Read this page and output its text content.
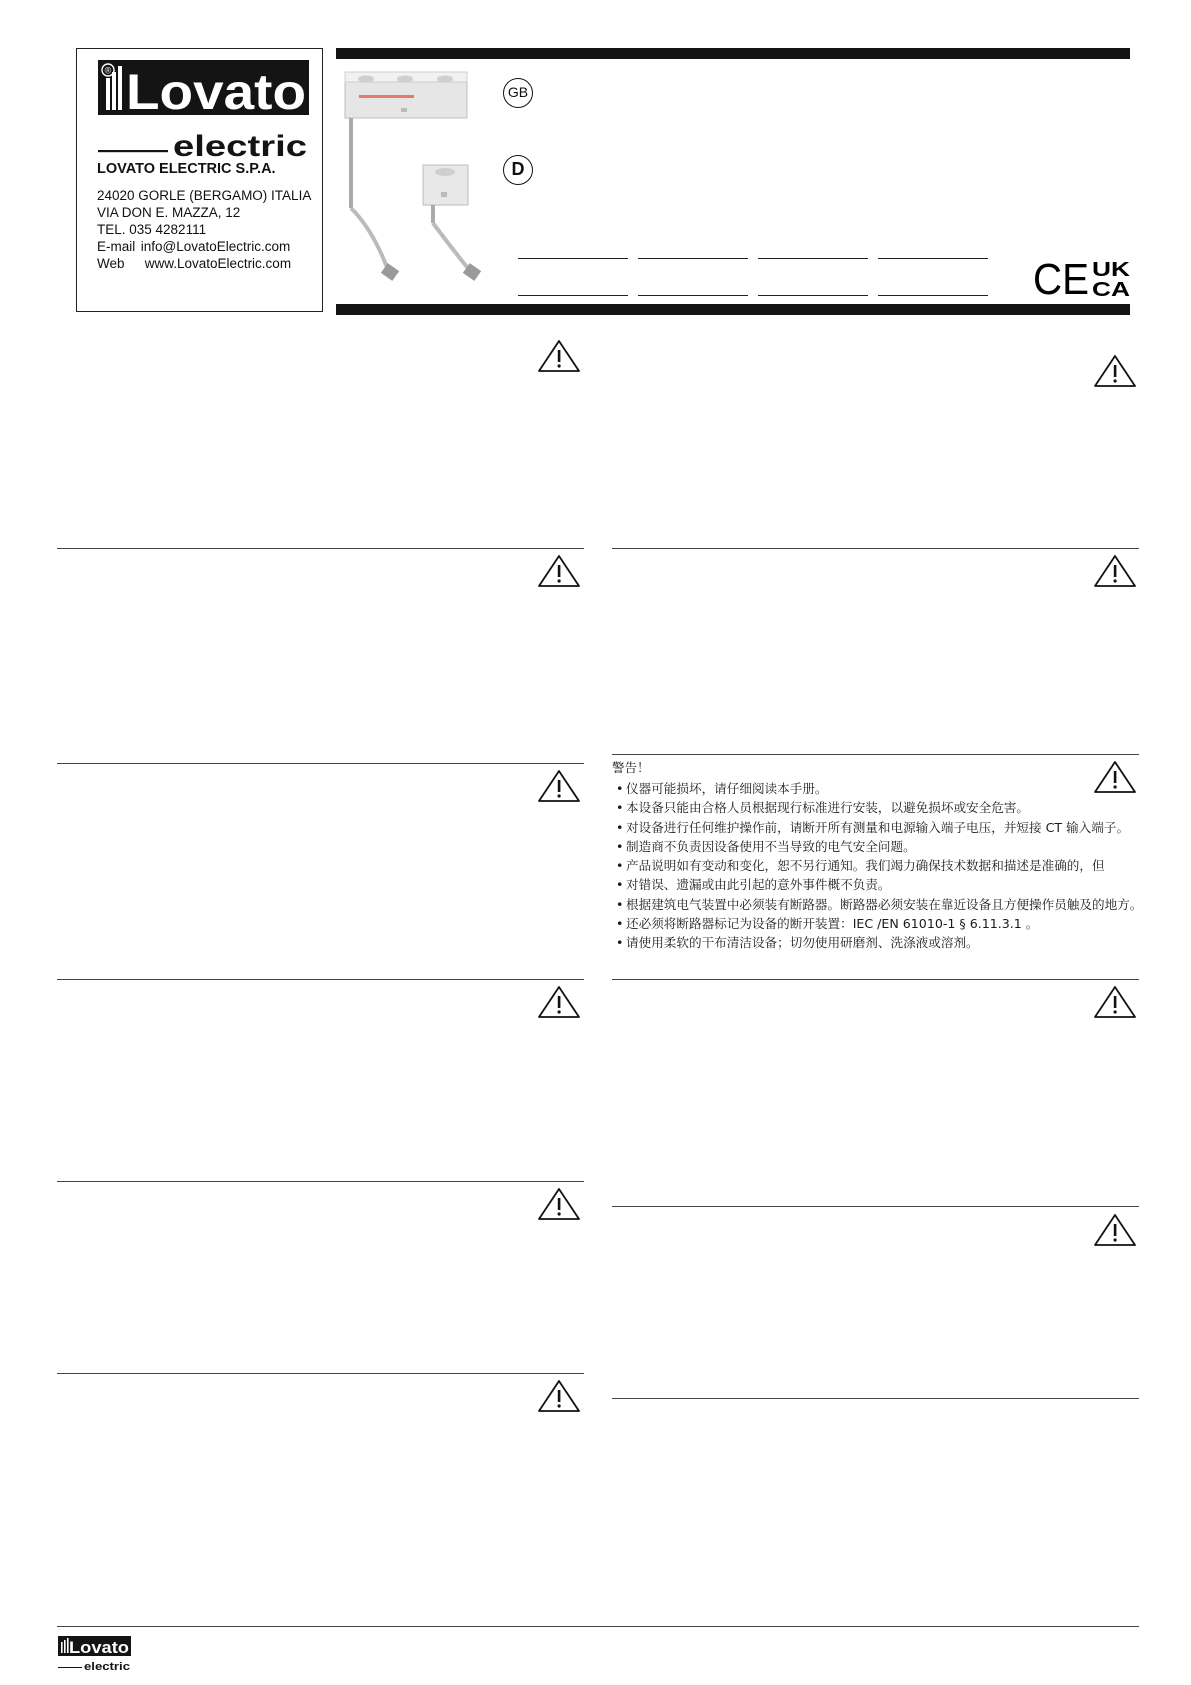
® Lovato
electric
LOVATO ELECTRIC S.P.A.
24020 GORLE (BERGAMO) ITALIA
VIA DON E. MAZZA, 12
TEL. 035 4282111
E-mail info@LovatoElectric.com
Web www.LovatoElectric.com
GB
D
CE UK
CA
警告！
• 仪器可能损坏，请仔细阅读本手册。
• 本设备只能由合格人员根据现行标准进行安装，以避免损坏或安全危害。
• 对设备进行任何维护操作前，请断开所有测量和电源输入端子电压，并短接 CT 输入端子。
• 制造商不负责因设备使用不当导致的电气安全问题。
• 产品说明如有变动和变化，恕不另行通知。我们竭力确保技术数据和描述是准确的，但
• 对错误、遗漏或由此引起的意外事件概不负责。
• 根据建筑电气装置中必须装有断路器。断路器必须安装在靠近设备且方便操作员触及的地方。
• 还必须将断路器标记为设备的断开装置：IEC /EN 61010-1 § 6.11.3.1 。
• 请使用柔软的干布清洁设备；切勿使用研磨剂、洗涤液或溶剂。
Lovato
electric
